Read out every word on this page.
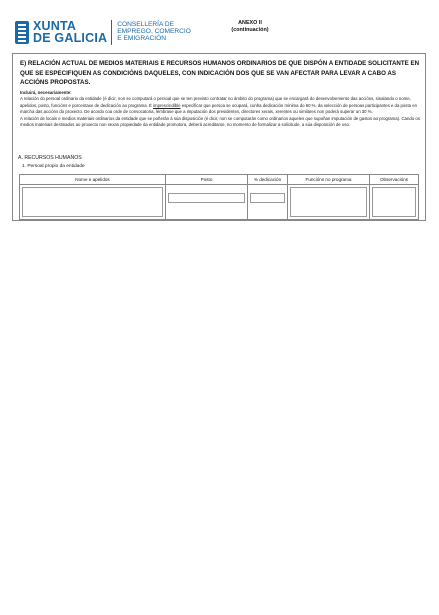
XUNTA
DE GALICIA
CONSELLERÍA DE
EMPREGO, COMERCIO
E EMIGRACIÓN
ANEXO II
(continuación)
E) RELACIÓN ACTUAL DE MEDIOS MATERIAIS E RECURSOS HUMANOS ORDINARIOS DE QUE DISPÓN A ENTIDADE SOLICITANTE EN QUE SE ESPECIFIQUEN AS CONDICIÓNS DAQUELES, CON INDICACIÓN DOS QUE SE VAN AFECTAR PARA LEVAR A CABO AS ACCIÓNS PROPOSTAS.
Incluirá, necesariamente:
A relación do persoal ordinario da entidade (é dicir, non se computará o persoal que se ten previsto contratar no ámbito do programa) que se encargará do desenvolvemento das accións, sinalando o nome, apelidos, posto, funcións e porcentaxe de dedicación ao programa. É imprescindible especificar que persoa se ocupará, cunha dedicación mínima do 60 %, da selección de persoas participantes e da posta en marcha das accións do proxecto. De acordo coa orde de convocatoria, lémbrase que a imputación dos presidentes, directores xerais, xerentes ou similares non poderá superar un 30 %.
A relación de locais e medios materiais ordinarios da entidade que se poñerán á súa disposición (é dicir, non se computarán como ordinarios aqueles que supoñan imputación de gastos ao programa). Cando os medios materiais destinados ao proxecto non sexan propiedade da entidade promotora, deberá acreditarse, no momento de formalizar a solicitude, a súa disposición de uso.
A. RECURSOS HUMANOS
1. Persoal propio da entidade
Nome e apelidos	Posto	% dedicación	Funcións no programa	Observacións
